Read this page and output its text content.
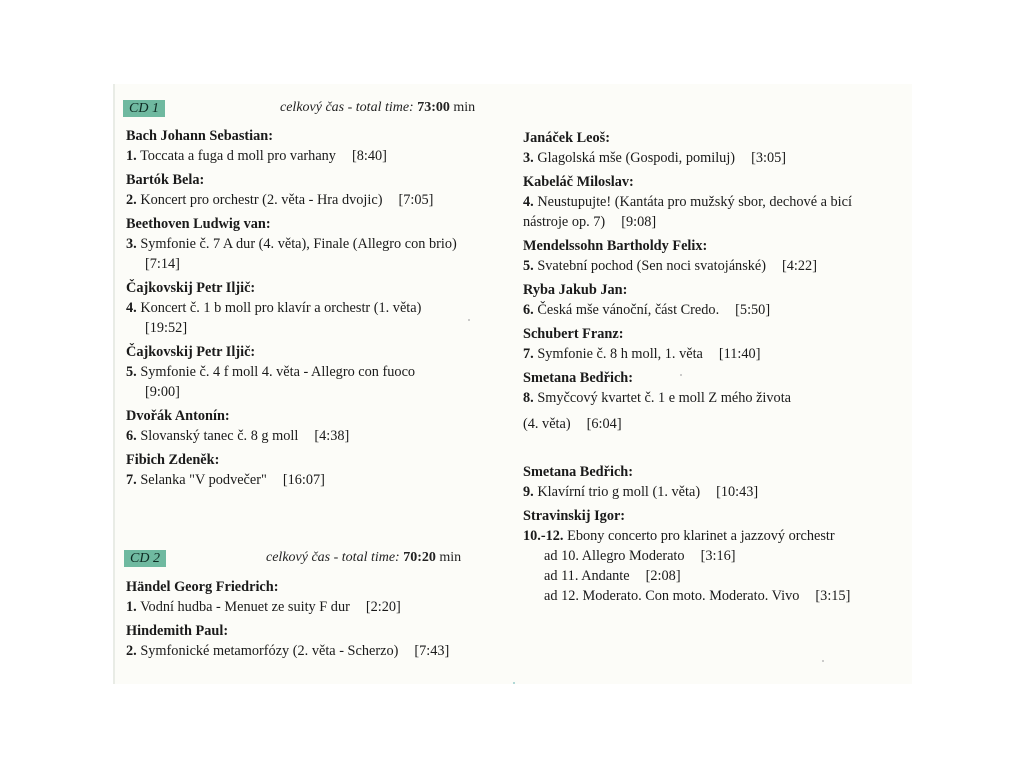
CD 1	celkový čas - total time: 73:00 min
Bach Johann Sebastian:
1. Toccata a fuga d moll pro varhany [8:40]
Bartók Bela:
2. Koncert pro orchestr (2. věta - Hra dvojic) [7:05]
Beethoven Ludwig van:
3. Symfonie č. 7 A dur (4. věta), Finale (Allegro con brio)
[7:14]
Čajkovskij Petr Iljič:
4. Koncert č. 1 b moll pro klavír a orchestr (1. věta)
[19:52]
Čajkovskij Petr Iljič:
5. Symfonie č. 4 f moll 4. věta - Allegro con fuoco
[9:00]
Dvořák Antonín:
6. Slovanský tanec č. 8 g moll [4:38]
Fibich Zdeněk:
7. Selanka "V podvečer" [16:07]
CD 2	celkový čas - total time: 70:20 min
Händel Georg Friedrich:
1. Vodní hudba - Menuet ze suity F dur [2:20]
Hindemith Paul:
2. Symfonické metamorfózy (2. věta - Scherzo) [7:43]
Janáček Leoš:
3. Glagolská mše (Gospodi, pomiluj) [3:05]
Kabeláč Miloslav:
4. Neustupujte! (Kantáta pro mužský sbor, dechové a bicí nástroje op. 7) [9:08]
Mendelssohn Bartholdy Felix:
5. Svatební pochod (Sen noci svatojánské) [4:22]
Ryba Jakub Jan:
6. Česká mše vánoční, část Credo. [5:50]
Schubert Franz:
7. Symfonie č. 8 h moll, 1. věta [11:40]
Smetana Bedřich:
8. Smyčcový kvartet č. 1 e moll Z mého života
(4. věta) [6:04]
Smetana Bedřich:
9. Klavírní trio g moll (1. věta) [10:43]
Stravinskij Igor:
10.-12. Ebony concerto pro klarinet a jazzový orchestr
ad 10. Allegro Moderato [3:16]
ad 11. Andante [2:08]
ad 12. Moderato. Con moto. Moderato. Vivo [3:15]
